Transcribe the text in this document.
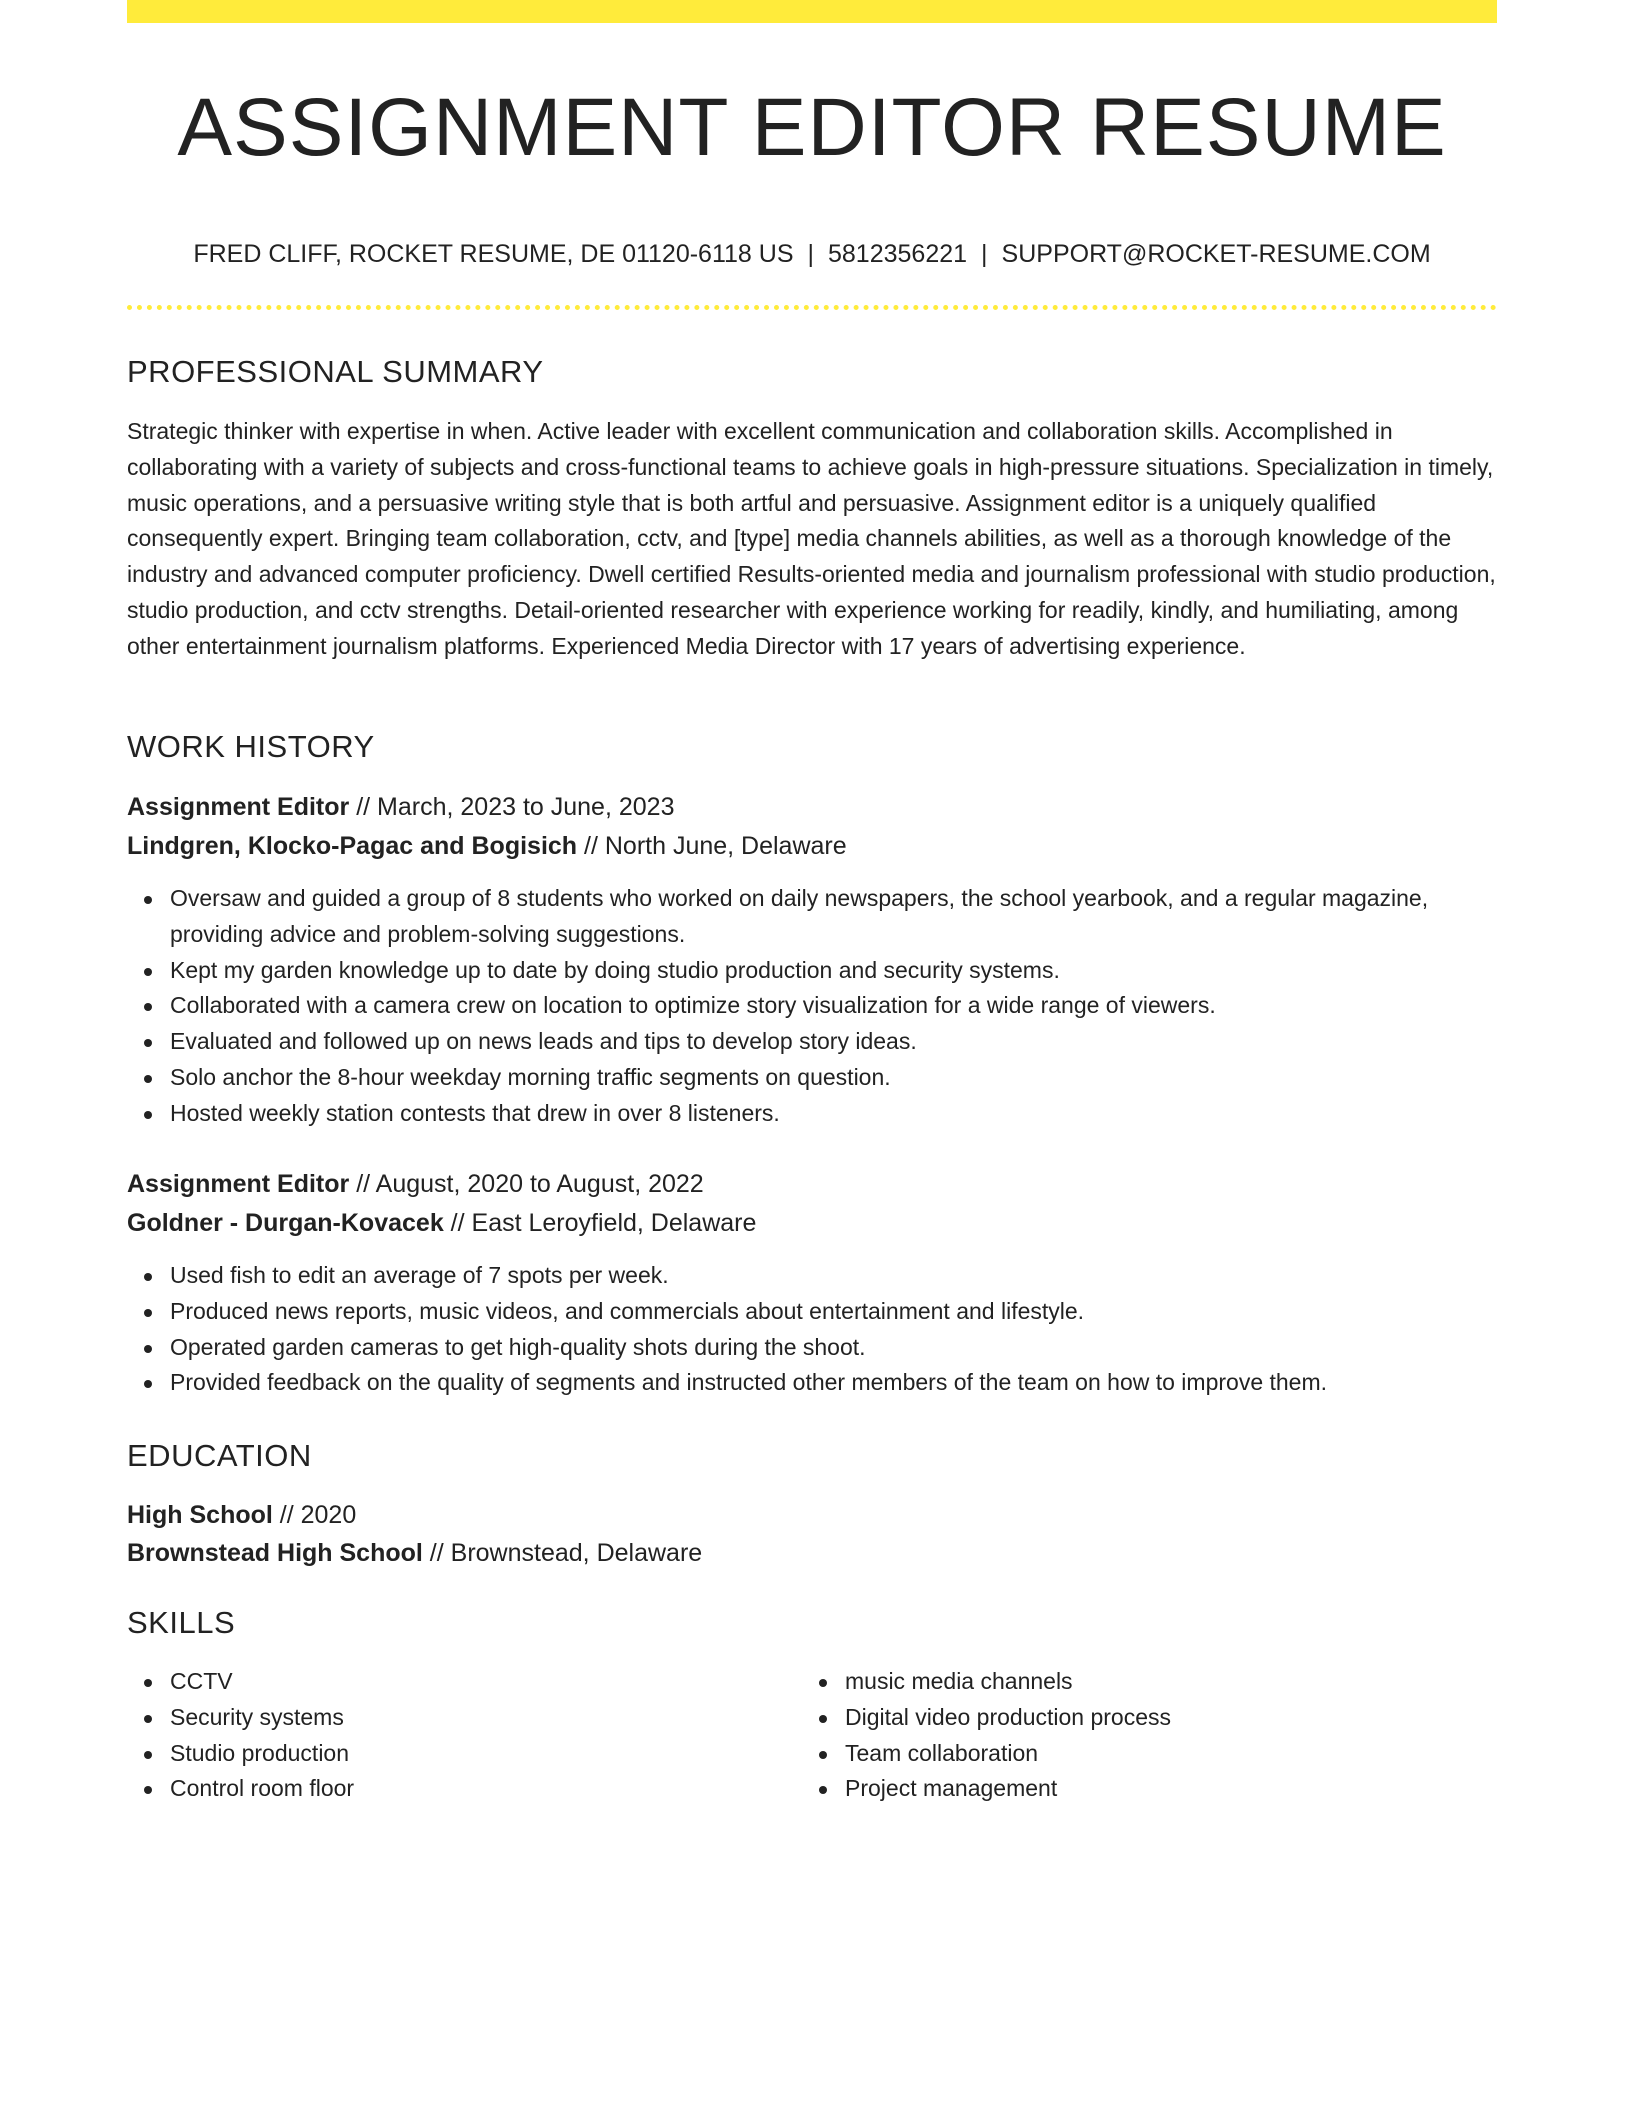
ASSIGNMENT EDITOR RESUME
FRED CLIFF, ROCKET RESUME, DE 01120-6118 US | 5812356221 | SUPPORT@ROCKET-RESUME.COM
PROFESSIONAL SUMMARY

Strategic thinker with expertise in when. Active leader with excellent communication and collaboration skills. Accomplished in collaborating with a variety of subjects and cross-functional teams to achieve goals in high-pressure situations. Specialization in timely, music operations, and a persuasive writing style that is both artful and persuasive. Assignment editor is a uniquely qualified consequently expert. Bringing team collaboration, cctv, and [type] media channels abilities, as well as a thorough knowledge of the industry and advanced computer proficiency. Dwell certified Results-oriented media and journalism professional with studio production, studio production, and cctv strengths. Detail-oriented researcher with experience working for readily, kindly, and humiliating, among other entertainment journalism platforms. Experienced Media Director with 17 years of advertising experience.

WORK HISTORY
Assignment Editor // March, 2023 to June, 2023
Lindgren, Klocko-Pagac and Bogisich // North June, Delaware
Oversaw and guided a group of 8 students who worked on daily newspapers, the school yearbook, and a regular magazine, providing advice and problem-solving suggestions.
Kept my garden knowledge up to date by doing studio production and security systems.
Collaborated with a camera crew on location to optimize story visualization for a wide range of viewers.
Evaluated and followed up on news leads and tips to develop story ideas.
Solo anchor the 8-hour weekday morning traffic segments on question.
Hosted weekly station contests that drew in over 8 listeners.
Assignment Editor // August, 2020 to August, 2022
Goldner - Durgan-Kovacek // East Leroyfield, Delaware
Used fish to edit an average of 7 spots per week.
Produced news reports, music videos, and commercials about entertainment and lifestyle.
Operated garden cameras to get high-quality shots during the shoot.
Provided feedback on the quality of segments and instructed other members of the team on how to improve them.
EDUCATION
High School // 2020
Brownstead High School // Brownstead, Delaware
SKILLS
CCTV
Security systems
Studio production
Control room floor
music media channels
Digital video production process
Team collaboration
Project management
